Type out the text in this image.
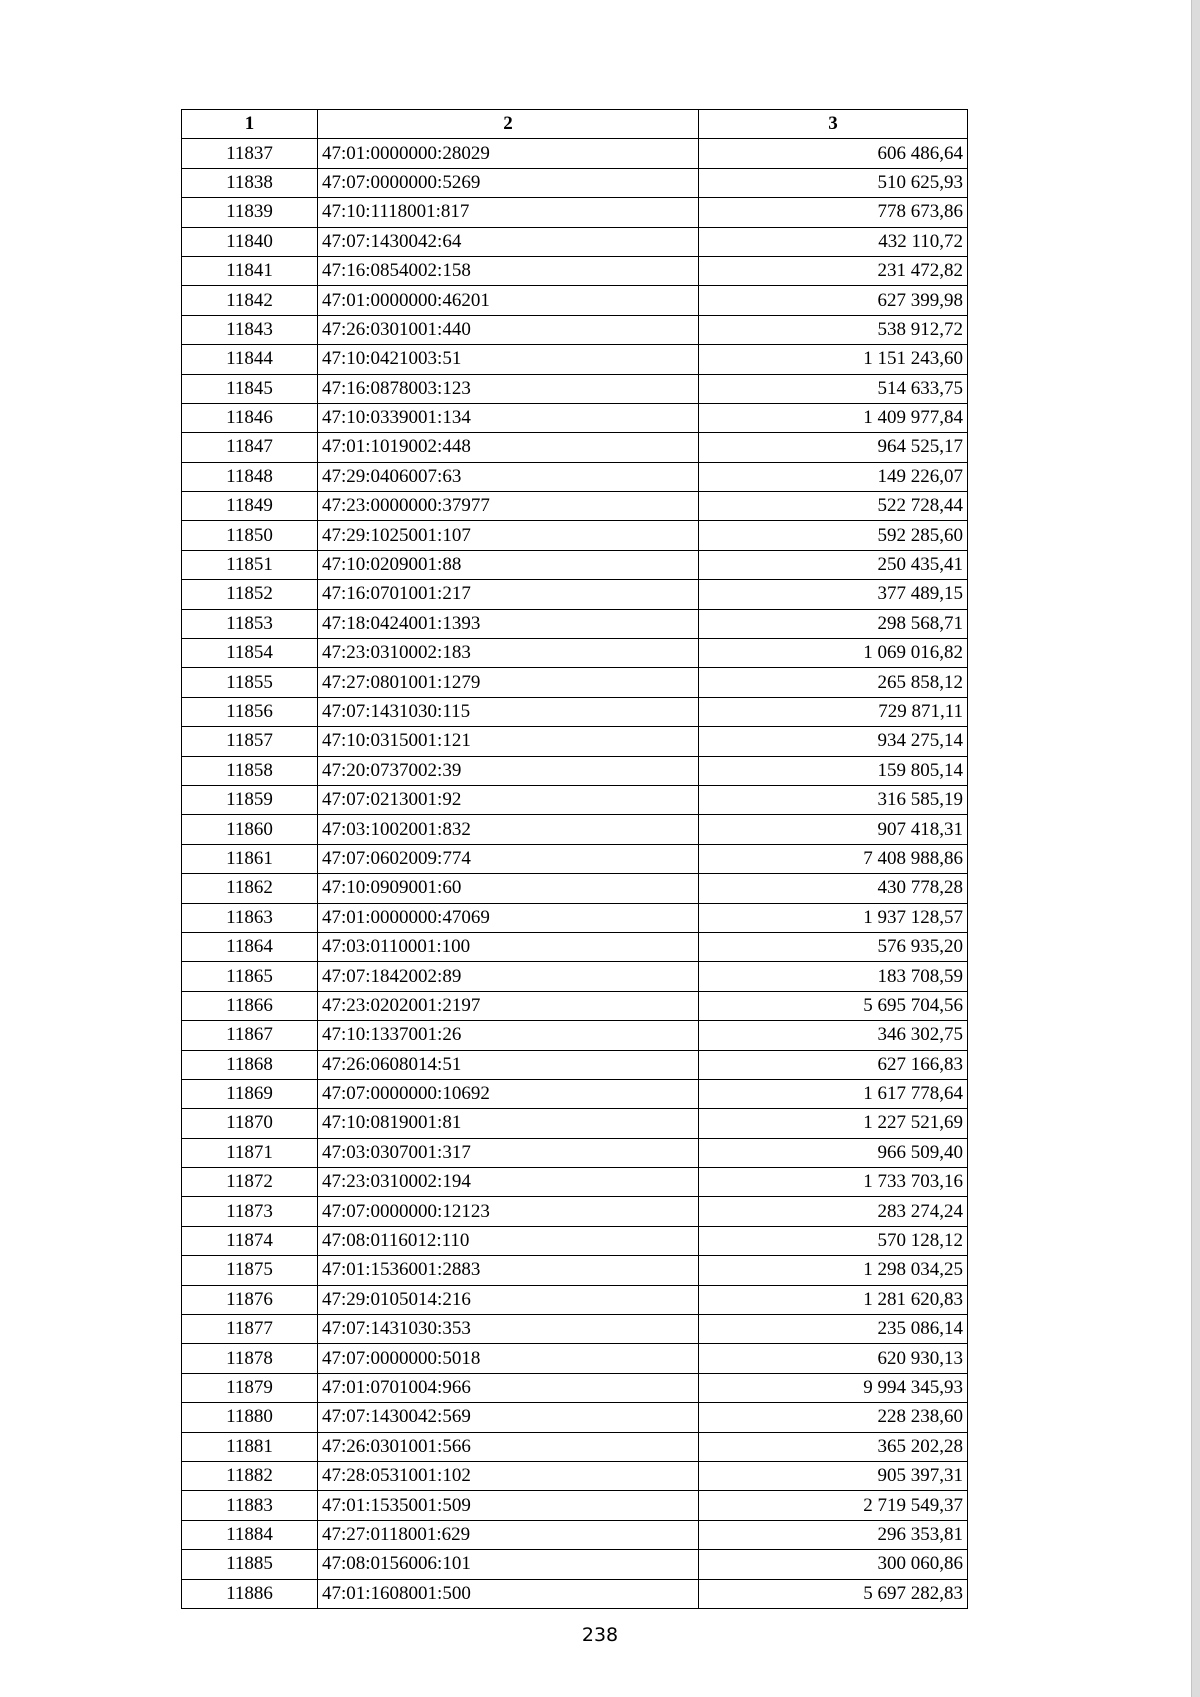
1	2	3
11837	47:01:0000000:28029	606 486,64
11838	47:07:0000000:5269	510 625,93
11839	47:10:1118001:817	778 673,86
11840	47:07:1430042:64	432 110,72
11841	47:16:0854002:158	231 472,82
11842	47:01:0000000:46201	627 399,98
11843	47:26:0301001:440	538 912,72
11844	47:10:0421003:51	1 151 243,60
11845	47:16:0878003:123	514 633,75
11846	47:10:0339001:134	1 409 977,84
11847	47:01:1019002:448	964 525,17
11848	47:29:0406007:63	149 226,07
11849	47:23:0000000:37977	522 728,44
11850	47:29:1025001:107	592 285,60
11851	47:10:0209001:88	250 435,41
11852	47:16:0701001:217	377 489,15
11853	47:18:0424001:1393	298 568,71
11854	47:23:0310002:183	1 069 016,82
11855	47:27:0801001:1279	265 858,12
11856	47:07:1431030:115	729 871,11
11857	47:10:0315001:121	934 275,14
11858	47:20:0737002:39	159 805,14
11859	47:07:0213001:92	316 585,19
11860	47:03:1002001:832	907 418,31
11861	47:07:0602009:774	7 408 988,86
11862	47:10:0909001:60	430 778,28
11863	47:01:0000000:47069	1 937 128,57
11864	47:03:0110001:100	576 935,20
11865	47:07:1842002:89	183 708,59
11866	47:23:0202001:2197	5 695 704,56
11867	47:10:1337001:26	346 302,75
11868	47:26:0608014:51	627 166,83
11869	47:07:0000000:10692	1 617 778,64
11870	47:10:0819001:81	1 227 521,69
11871	47:03:0307001:317	966 509,40
11872	47:23:0310002:194	1 733 703,16
11873	47:07:0000000:12123	283 274,24
11874	47:08:0116012:110	570 128,12
11875	47:01:1536001:2883	1 298 034,25
11876	47:29:0105014:216	1 281 620,83
11877	47:07:1431030:353	235 086,14
11878	47:07:0000000:5018	620 930,13
11879	47:01:0701004:966	9 994 345,93
11880	47:07:1430042:569	228 238,60
11881	47:26:0301001:566	365 202,28
11882	47:28:0531001:102	905 397,31
11883	47:01:1535001:509	2 719 549,37
11884	47:27:0118001:629	296 353,81
11885	47:08:0156006:101	300 060,86
11886	47:01:1608001:500	5 697 282,83
238
